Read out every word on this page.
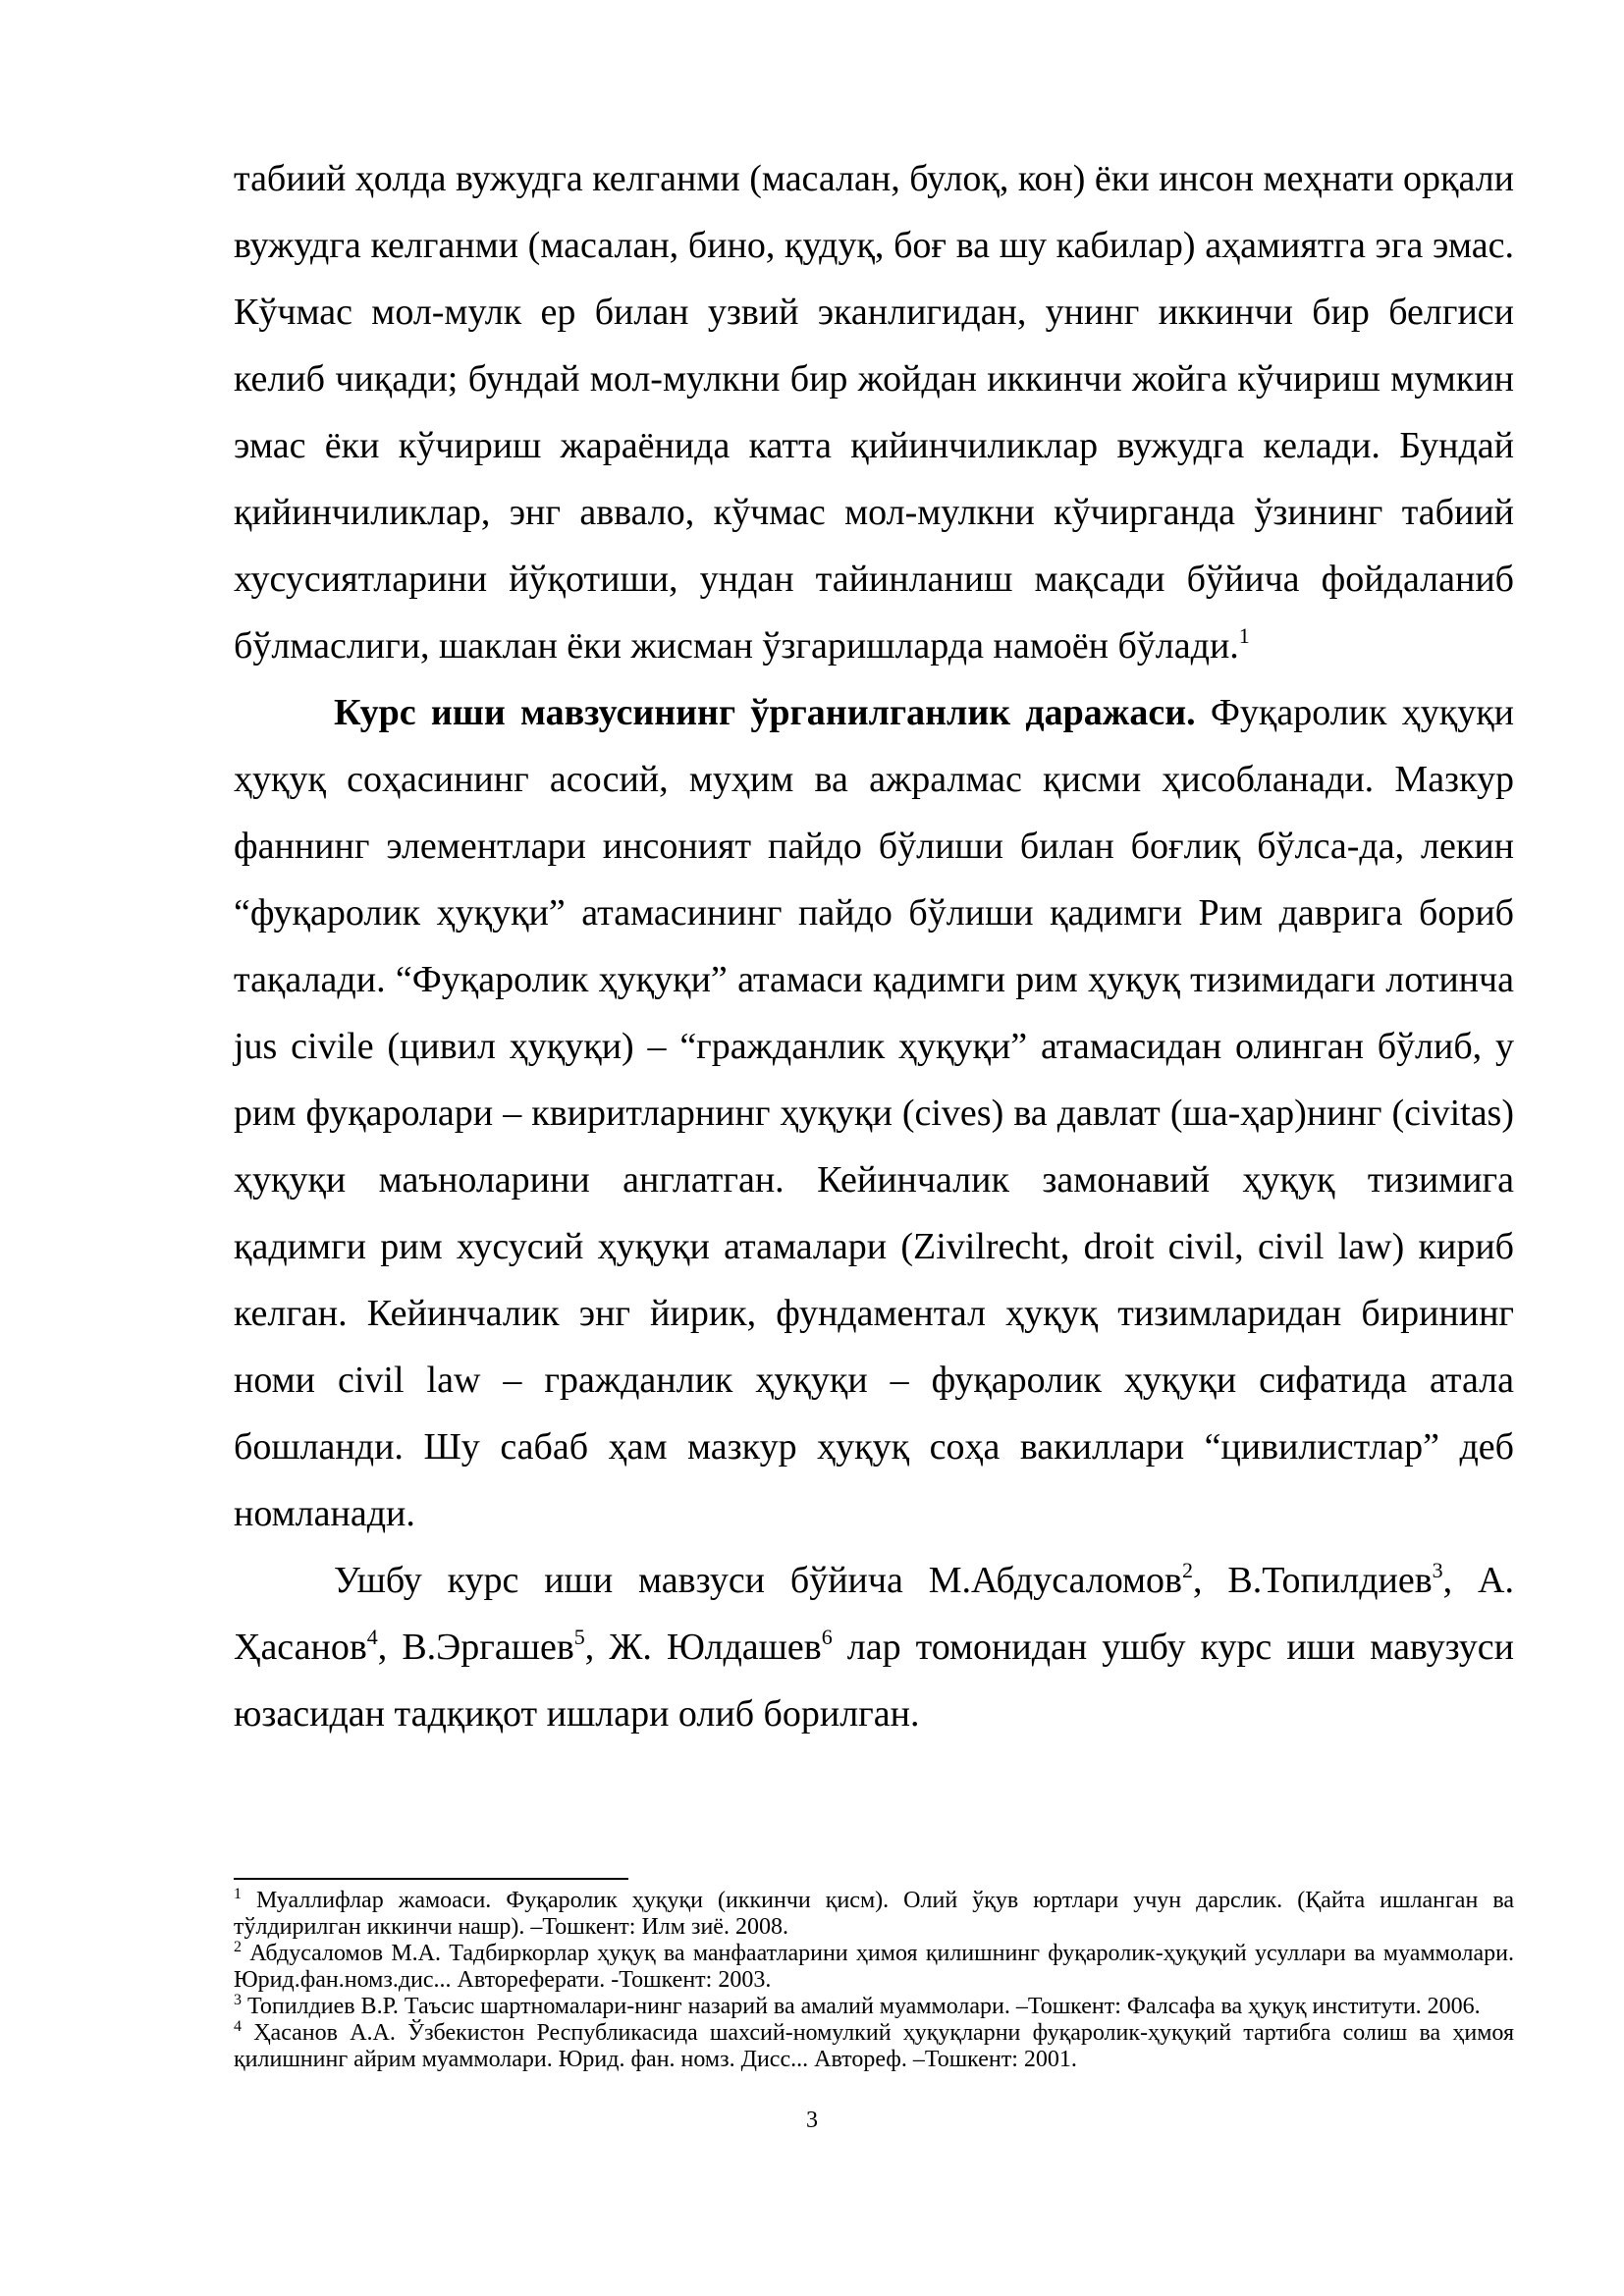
табиий ҳолда вужудга келганми (масалан, булоқ, кон) ёки инсон меҳнати орқали вужудга келганми (масалан, бино, қудуқ, боғ ва шу кабилар) аҳамиятга эга эмас. Кўчмас мол-мулк ер билан узвий эканлигидан, унинг иккинчи бир белгиси келиб чиқади; бундай мол-мулкни бир жойдан иккинчи жойга кўчириш мумкин эмас ёки кўчириш жараёнида катта қийинчиликлар вужудга келади. Бундай қийинчиликлар, энг аввало, кўчмас мол-мулкни кўчирганда ўзининг табиий хусусиятларини йўқотиши, ундан тайинланиш мақсади бўйича фойдаланиб бўлмаслиги, шаклан ёки жисман ўзгаришларда намоён бўлади.$^1$

Курс иши мавзусининг ўрганилганлик даражаси. Фуқаролик ҳуқуқи ҳуқуқ соҳасининг асосий, муҳим ва ажралмас қисми ҳисобланади. Мазкур фаннинг элементлари инсоният пайдо бўлиши билан боғлиқ бўлса-да, лекин “фуқаролик ҳуқуқи” атамасининг пайдо бўлиши қадимги Рим даврига бориб тақалади. “Фуқаролик ҳуқуқи” атамаси қадимги рим ҳуқуқ тизимидаги лотинча jus civile (цивил ҳуқуқи) – “гражданлик ҳуқуқи” атамасидан олинган бўлиб, у рим фуқаролари – квиритларнинг ҳуқуқи (cives) ва давлат (ша-ҳар)нинг (civitas) ҳуқуқи маъноларини англатган. Кейинчалик замонавий ҳуқуқ тизимига қадимги рим хусусий ҳуқуқи атамалари (Zivilrecht, droit civil, civil law) кириб келган. Кейинчалик энг йирик, фундаментал ҳуқуқ тизимларидан бирининг номи civil law – гражданлик ҳуқуқи – фуқаролик ҳуқуқи сифатида атала бошланди. Шу сабаб ҳам мазкур ҳуқуқ соҳа вакиллари “цивилистлар” деб номланади.

Ушбу курс иши мавзуси бўйича М.Абдусаломов$^2$, В.Топилдиев$^3$, А. Ҳасанов$^4$, В.Эргашев$^5$, Ж. Юлдашев$^6$ лар томонидан ушбу курс иши мавузуси юзасидан тадқиқот ишлари олиб борилган.

$^1$ Муаллифлар жамоаси. Фуқаролик ҳуқуқи (иккинчи қисм). Олий ўқув юртлари учун дарслик. (Қайта ишланган ва тўлдирилган иккинчи нашр). –Тошкент: Илм зиё. 2008.

$^2$ Абдусаломов М.А. Тадбиркорлар ҳуқуқ ва манфаатларини ҳимоя қилишнинг фуқаролик-ҳуқуқий усуллари ва муаммолари. Юрид.фан.номз.дис... Автореферати. -Тошкент: 2003.

$^3$ Топилдиев В.Р. Таъсис шартномалари-нинг назарий ва амалий муаммолари. –Тошкент: Фалсафа ва ҳуқуқ институти. 2006.

$^4$ Ҳасанов А.А. Ўзбекистон Республикасида шахсий-номулкий ҳуқуқларни фуқаролик-ҳуқуқий тартибга солиш ва ҳимоя қилишнинг айрим муаммолари. Юрид. фан. номз. Дисс... Автореф. –Тошкент: 2001.

3
